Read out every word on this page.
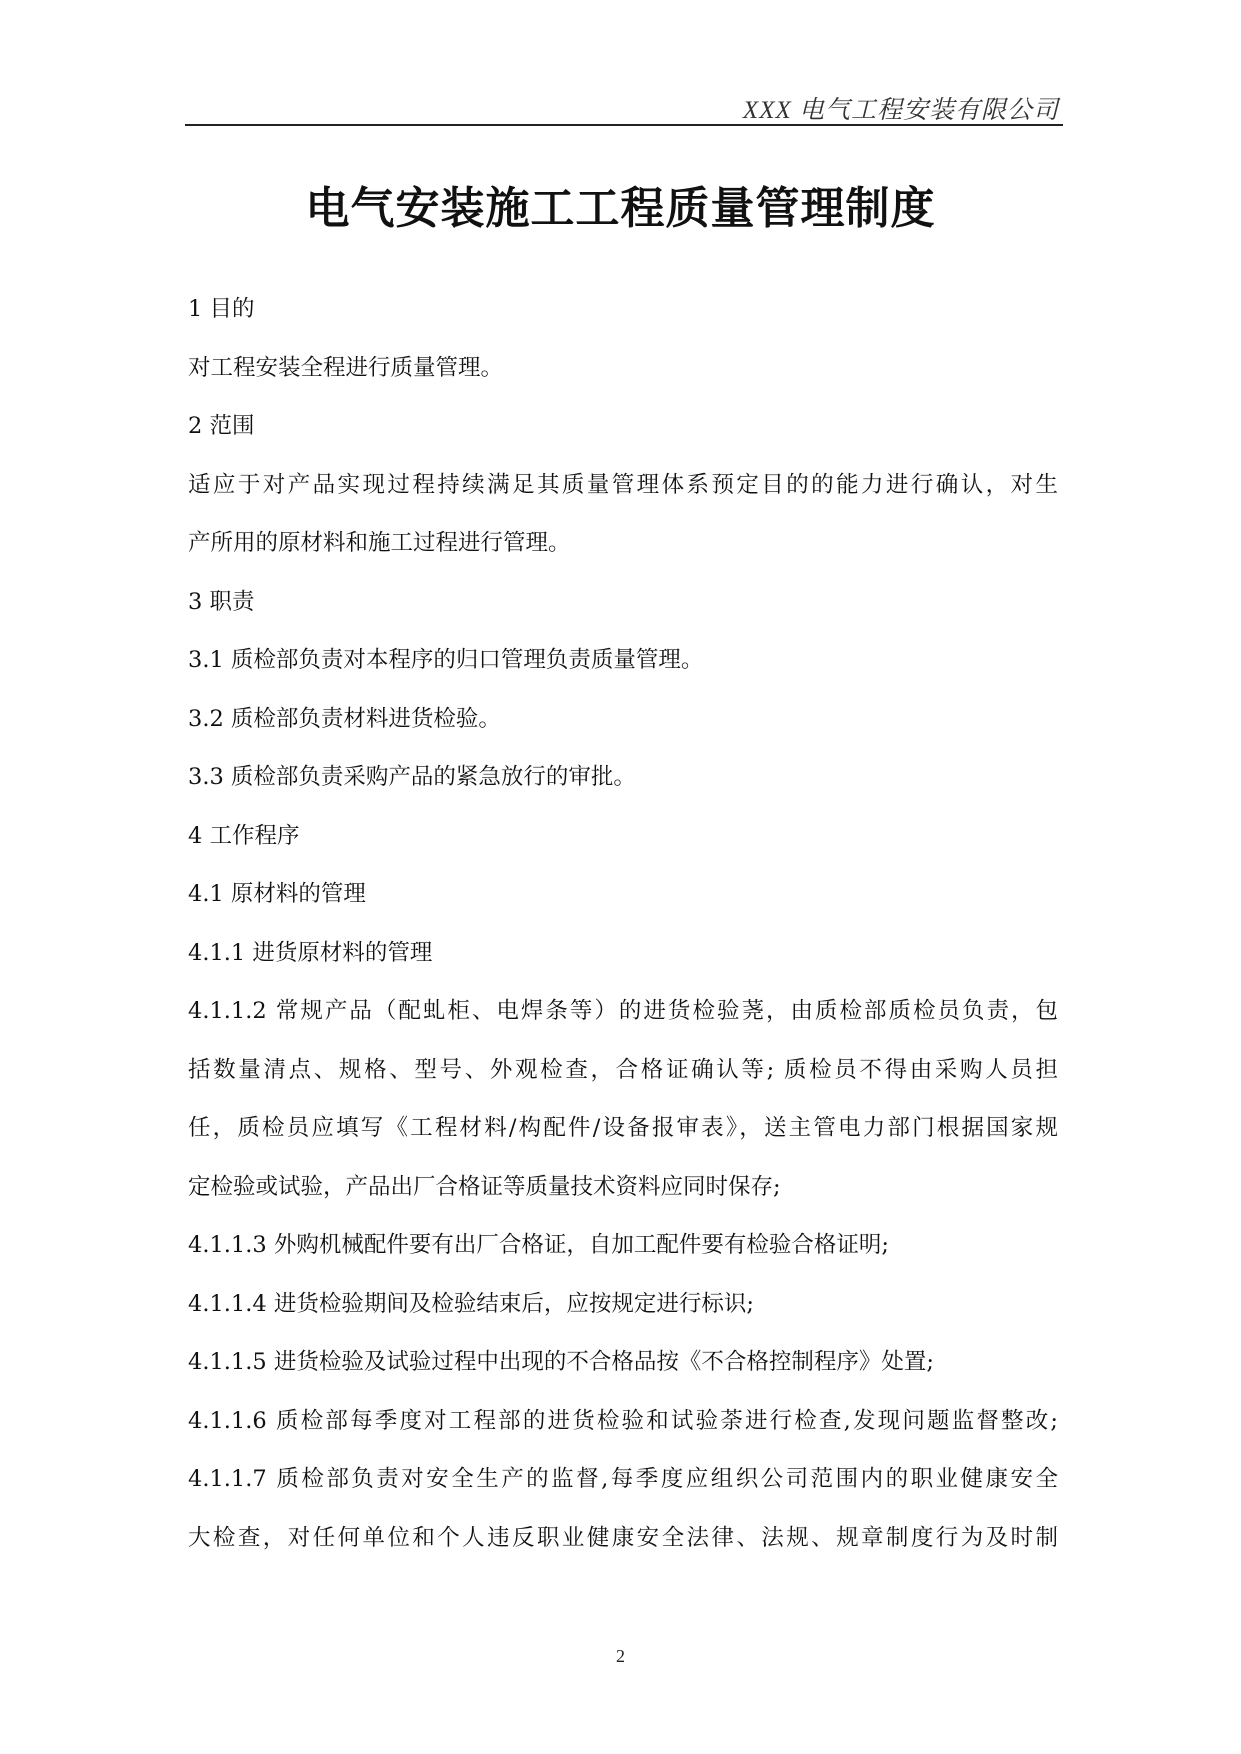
XXX 电气工程安装有限公司
电气安装施工工程质量管理制度
1 目的
对工程安装全程进行质量管理。
2 范围
适应于对产品实现过程持续满足其质量管理体系预定目的的能力进行确认，对生
产所用的原材料和施工过程进行管理。
3 职责
3.1 质检部负责对本程序的归口管理负责质量管理。
3.2 质检部负责材料进货检验。
3.3 质检部负责采购产品的紧急放行的审批。
4 工作程序
4.1 原材料的管理
4.1.1 进货原材料的管理
4.1.1.2 常规产品（配虬柜、电焊条等）的进货检验荛，由质检部质检员负责，包
括数量清点、规格、型号、外观检查，合格证确认等; 质检员不得由采购人员担
任，质检员应填写《工程材料/构配件/设备报审表》，送主管电力部门根据国家规
定检验或试验，产品出厂合格证等质量技术资料应同时保存;
4.1.1.3 外购机械配件要有出厂合格证，自加工配件要有检验合格证明;
4.1.1.4 进货检验期间及检验结束后，应按规定进行标识;
4.1.1.5 进货检验及试验过程中出现的不合格品按《不合格控制程序》处置;
4.1.1.6 质检部每季度对工程部的进货检验和试验荼进行检查,发现问题监督整改;
4.1.1.7 质检部负责对安全生产的监督,每季度应组织公司范围内的职业健康安全
大检查，对任何单位和个人违反职业健康安全法律、法规、规章制度行为及时制
2
